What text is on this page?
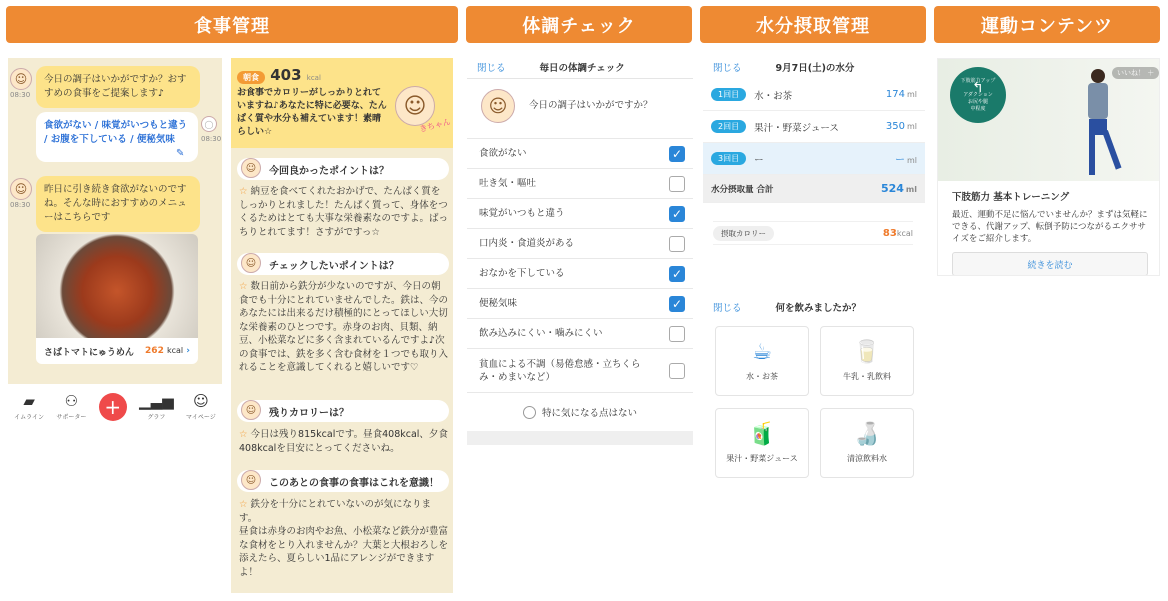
食事管理	体調チェック	水分摂取管理	運動コンテンツ
☺
08:30
今日の調子はいかがですか？おすすめの食事をご提案します♪
食欲がない / 味覚がいつもと違う / お腹を下している / 便秘気味
✎
◯
08:30
☺
08:30
昨日に引き続き食欲がないのですね。そんな時におすすめのメニューはこちらです
さばトマトにゅうめん 262 kcal ›
▰
イムライン
⚇
サポーター +	▁▃▅
グラフ
☺
マイページ
朝食 403 kcal
お食事でカロリーがしっかりとれていますね♪あなたに特に必要な、たんぱく質や水分も補えています！素晴らしい☆
☺
きちゃん
☺	今回良かったポイントは？
☆ 納豆を食べてくれたおかげで、たんぱく質をしっかりとれました！たんぱく質って、身体をつくるためはとても大事な栄養素なのですよ。ばっちりとれてます！さすがですっ☆
☺	チェックしたいポイントは？
☆ 数日前から鉄分が少ないのですが、今日の朝食でも十分にとれていませんでした。鉄は、今のあなたには出来るだけ積極的にとってほしい大切な栄養素のひとつです。赤身のお肉、貝類、納豆、小松菜などに多く含まれているんですよ♪次の食事では、鉄を多く含む食材を１つでも取り入れることを意識してくれると嬉しいです♡
☺	残りカロリーは？
☆ 今日は残り815kcalです。昼食408kcal、夕食408kcalを目安にとってくださいね。
☺	このあとの食事の食事はこれを意識！
☆ 鉄分を十分にとれていないのが気になります。
昼食は赤身のお肉やお魚、小松菜など鉄分が豊富な食材をとり入れませんか？大葉と大根おろしを添えたら、夏らしい1品にアレンジができますよ！
閉じる	毎日の体調チェック
☺	今日の調子はいかがですか？
食欲がない	✓
吐き気・嘔吐
味覚がいつもと違う	✓
口内炎・食道炎がある
おなかを下している	✓
便秘気味	✓
飲み込みにくい・噛みにくい
貧血による不調（易倦怠感・立ちくらみ・めまいなど）
特に気になる点はない
閉じる	9月7日(土)の水分
1回目	水・お茶	174 ml
2回目	果汁・野菜ジュース	350 ml
3回目	ー	ー ml
水分摂取量 合計	524 ml
摂取カロリー	83kcal
閉じる	何を飲みましたか？
☕
水・お茶
🥛
牛乳・乳飲料
🧃
果汁・野菜ジュース
🍶
清涼飲料水
下肢筋力アップ
↰
アダクション
お尻や腿
中程度
いいね！ ＋
下肢筋力 基本トレーニング
最近、運動不足に悩んでいませんか？まずは気軽にできる、代謝アップ、転倒予防につながるエクササイズをご紹介します。
続きを読む
